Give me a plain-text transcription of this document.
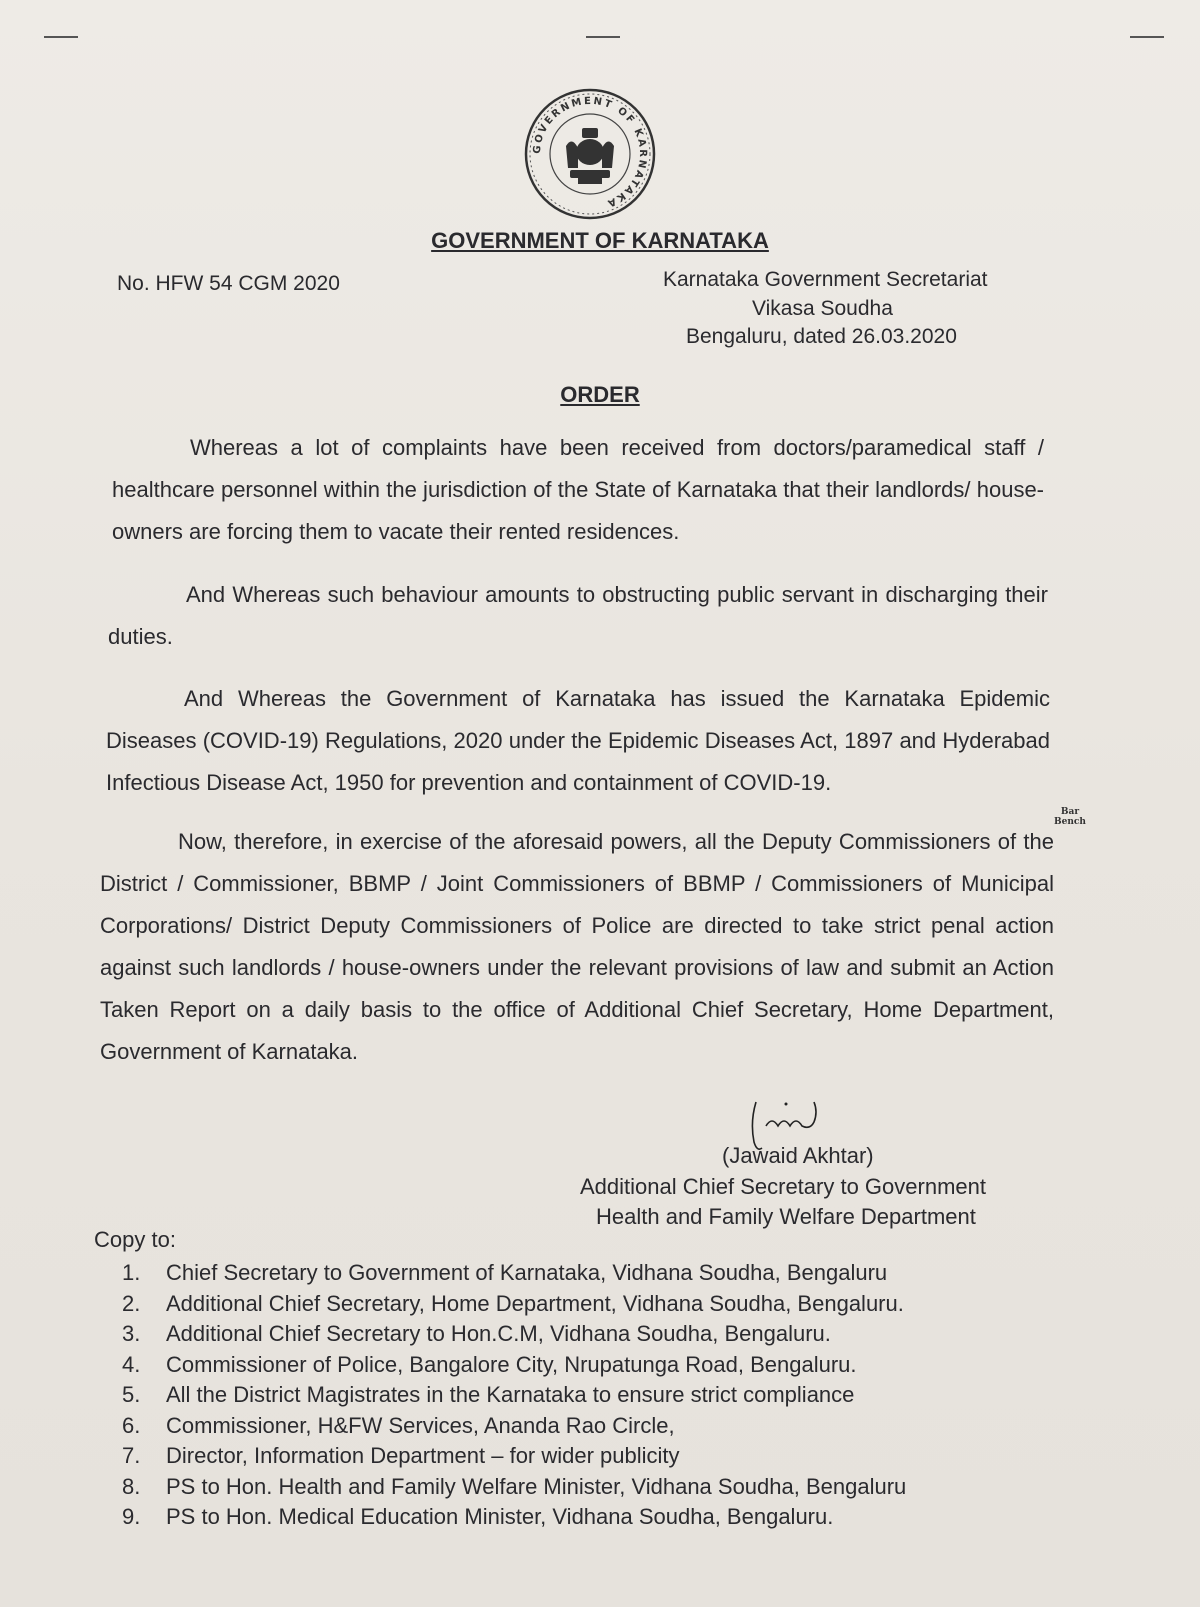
GOVERNMENT OF KARNATAKA
GOVERNMENT OF KARNATAKA
No. HFW 54 CGM 2020	Karnataka Government Secretariat
Vikasa Soudha
Bengaluru, dated 26.03.2020
ORDER
Whereas a lot of complaints have been received from doctors/paramedical staff / healthcare personnel within the jurisdiction of the State of Karnataka that their landlords/ house-owners are forcing them to vacate their rented residences.
And Whereas such behaviour amounts to obstructing public servant in discharging their duties.
And Whereas the Government of Karnataka has issued the Karnataka Epidemic Diseases (COVID-19) Regulations, 2020 under the Epidemic Diseases Act, 1897 and Hyderabad Infectious Disease Act, 1950 for prevention and containment of COVID-19.
Bar
Bench
Now, therefore, in exercise of the aforesaid powers, all the Deputy Commissioners of the District / Commissioner, BBMP / Joint Commissioners of BBMP / Commissioners of Municipal Corporations/ District Deputy Commissioners of Police are directed to take strict penal action against such landlords / house-owners under the relevant provisions of law and submit an Action Taken Report on a daily basis to the office of Additional Chief Secretary, Home Department, Government of Karnataka.
(Jawaid Akhtar)
Additional Chief Secretary to Government
Health and Family Welfare Department
Copy to:
1. Chief Secretary to Government of Karnataka, Vidhana Soudha, Bengaluru
2. Additional Chief Secretary, Home Department, Vidhana Soudha, Bengaluru.
3. Additional Chief Secretary to Hon.C.M, Vidhana Soudha, Bengaluru.
4. Commissioner of Police, Bangalore City, Nrupatunga Road, Bengaluru.
5. All the District Magistrates in the Karnataka to ensure strict compliance
6. Commissioner, H&FW Services, Ananda Rao Circle,
7. Director, Information Department – for wider publicity
8. PS to Hon. Health and Family Welfare Minister, Vidhana Soudha, Bengaluru
9. PS to Hon. Medical Education Minister, Vidhana Soudha, Bengaluru.
